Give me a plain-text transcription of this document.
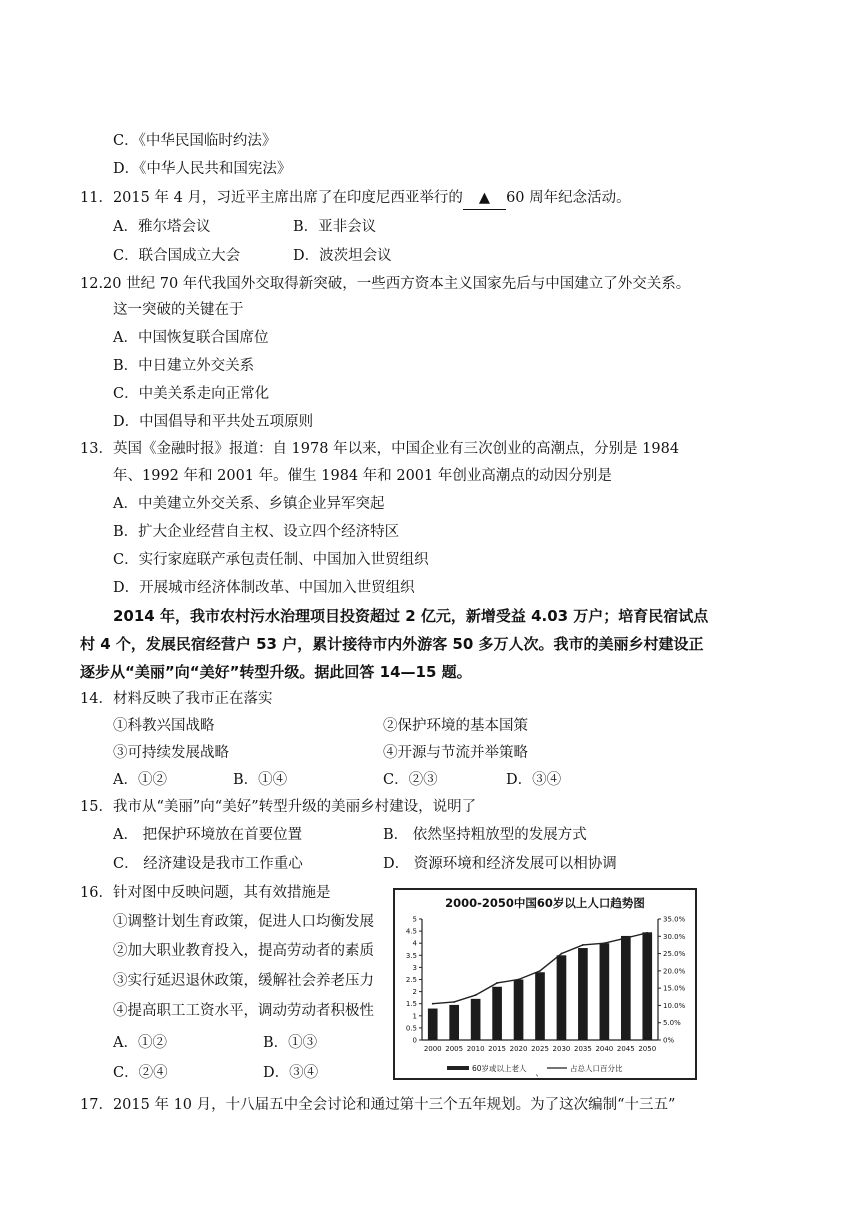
C．《中华民国临时约法》
D．《中华人民共和国宪法》
11．2015 年 4 月，习近平主席出席了在印度尼西亚举行的 ▲ 60 周年纪念活动。
A．雅尔塔会议	B．亚非会议
C．联合国成立大会	D．波茨坦会议
12.20 世纪 70 年代我国外交取得新突破，一些西方资本主义国家先后与中国建立了外交关系。
这一突破的关键在于
A．中国恢复联合国席位
B．中日建立外交关系
C．中美关系走向正常化
D．中国倡导和平共处五项原则
13．英国《金融时报》报道：自 1978 年以来，中国企业有三次创业的高潮点，分别是 1984
年、1992 年和 2001 年。催生 1984 年和 2001 年创业高潮点的动因分别是
A．中美建立外交关系、乡镇企业异军突起
B．扩大企业经营自主权、设立四个经济特区
C．实行家庭联产承包责任制、中国加入世贸组织
D．开展城市经济体制改革、中国加入世贸组织
2014 年，我市农村污水治理项目投资超过 2 亿元，新增受益 4.03 万户；培育民宿试点
村 4 个，发展民宿经营户 53 户，累计接待市内外游客 50 多万人次。我市的美丽乡村建设正
逐步从“美丽”向“美好”转型升级。据此回答 14—15 题。
14．材料反映了我市正在落实
①科教兴国战略	②保护环境的基本国策
③可持续发展战略	④开源与节流并举策略
A．①②	B．①④	C．②③	D．③④
15．我市从“美丽”向“美好”转型升级的美丽乡村建设，说明了
A． 把保护环境放在首要位置	B． 依然坚持粗放型的发展方式
C． 经济建设是我市工作重心	D． 资源环境和经济发展可以相协调
16．针对图中反映问题，其有效措施是
①调整计划生育政策，促进人口均衡发展
②加大职业教育投入，提高劳动者的素质
③实行延迟退休政策，缓解社会养老压力
④提高职工工资水平，调动劳动者积极性
A．①②	B．①③
C．②④	D．③④
2000-2050中国60岁以上人口趋势图
5
4.5
4
3.5
3
2.5
2
1.5
1
0.5
0
35.0%
30.0%
25.0%
20.0%
15.0%
10.0%
5.0%
0%
2000 2005 2010 2015 2020 2025 2030 2035 2040 2045 2050
60岁或以上老人	占总人口百分比
`
17．2015 年 10 月，十八届五中全会讨论和通过第十三个五年规划。为了这次编制“十三五”
